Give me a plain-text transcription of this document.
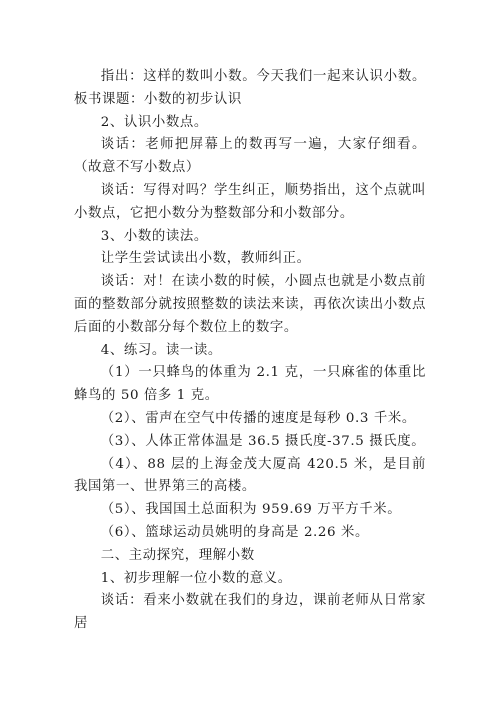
指出：这样的数叫小数。今天我们一起来认识小数。板书课题：小数的初步认识

2、认识小数点。

谈话：老师把屏幕上的数再写一遍，大家仔细看。（故意不写小数点）

谈话：写得对吗？学生纠正，顺势指出，这个点就叫小数点，它把小数分为整数部分和小数部分。

3、小数的读法。

让学生尝试读出小数，教师纠正。

谈话：对！在读小数的时候，小圆点也就是小数点前面的整数部分就按照整数的读法来读，再依次读出小数点后面的小数部分每个数位上的数字。

4、练习。读一读。

（1）一只蜂鸟的体重为 2.1 克，一只麻雀的体重比蜂鸟的 50 倍多 1 克。

（2）、雷声在空气中传播的速度是每秒 0.3 千米。

（3）、人体正常体温是 36.5 摄氏度-37.5 摄氏度。

（4）、88 层的上海金茂大厦高 420.5 米，是目前我国第一、世界第三的高楼。

（5）、我国国土总面积为 959.69 万平方千米。

（6）、篮球运动员姚明的身高是 2.26 米。

二、主动探究，理解小数

1、初步理解一位小数的意义。

谈话：看来小数就在我们的身边，课前老师从日常家居
